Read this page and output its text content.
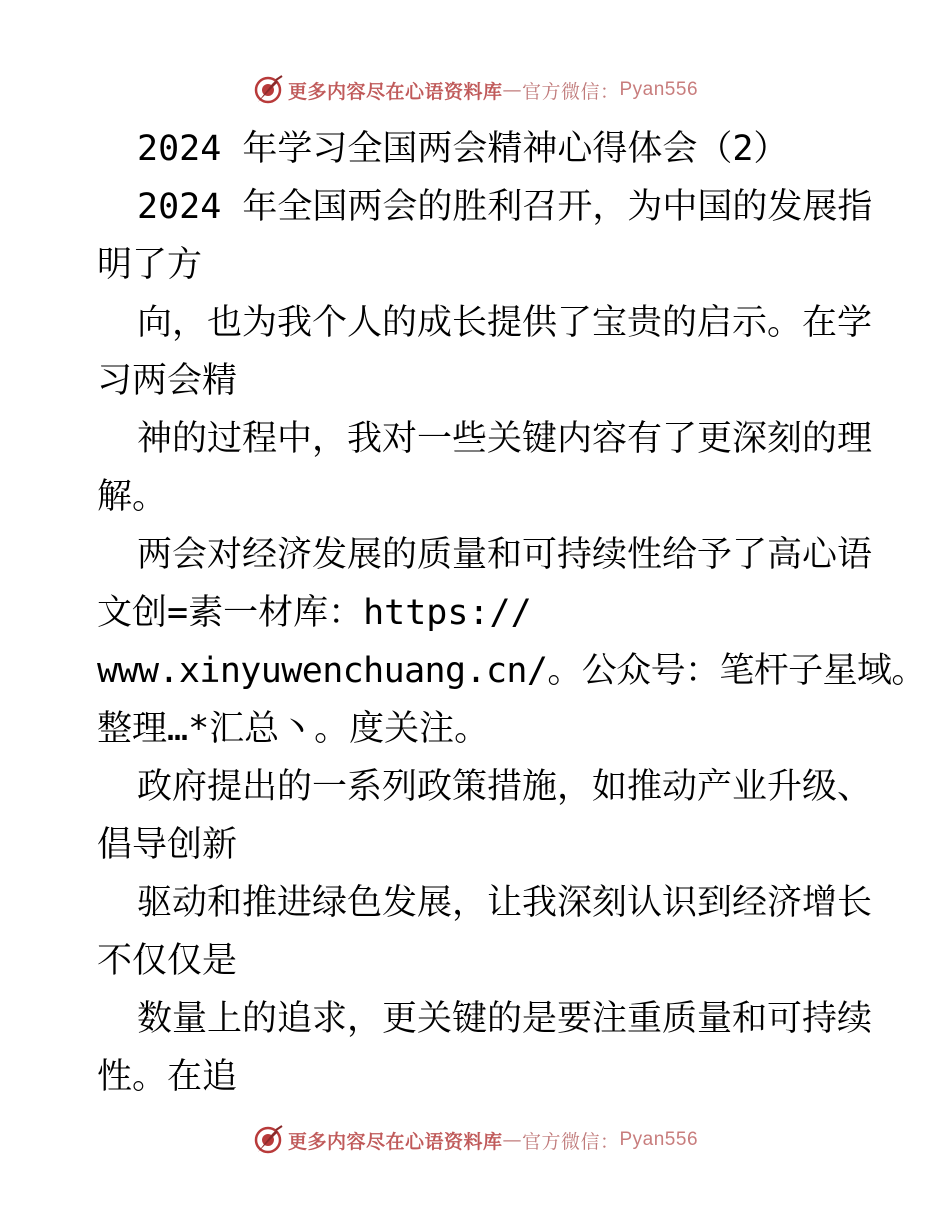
更多内容尽在心语资料库 — 官方微信： Pyan556
2024 年学习全国两会精神心得体会（2）
2024 年全国两会的胜利召开，为中国的发展指
明了方
向，也为我个人的成长提供了宝贵的启示。在学
习两会精
神的过程中，我对一些关键内容有了更深刻的理
解。
两会对经济发展的质量和可持续性给予了高心语
文创=素一材库：https://
www.xinyuwenchuang.cn/。公众号：笔杆子星域。
整理…*汇总丶。度关注。
政府提出的一系列政策措施，如推动产业升级、
倡导创新
驱动和推进绿色发展，让我深刻认识到经济增长
不仅仅是
数量上的追求，更关键的是要注重质量和可持续
性。在追
更多内容尽在心语资料库 — 官方微信： Pyan556
